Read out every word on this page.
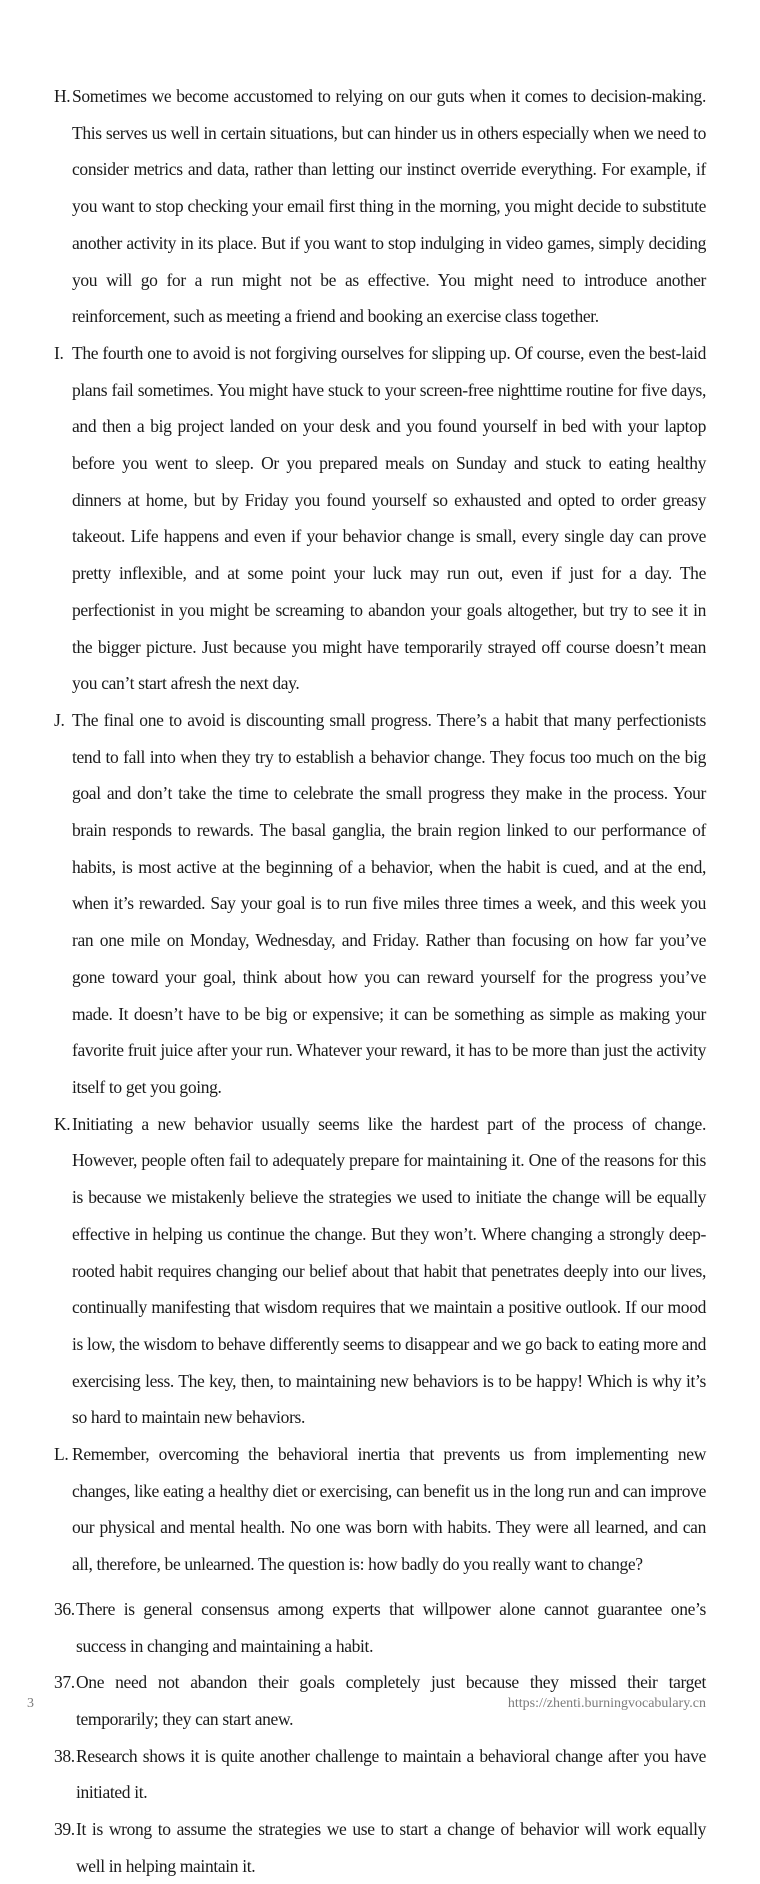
H. Sometimes we become accustomed to relying on our guts when it comes to decision-making. This serves us well in certain situations, but can hinder us in others especially when we need to consider metrics and data, rather than letting our instinct override everything. For example, if you want to stop checking your email first thing in the morning, you might decide to substitute another activity in its place. But if you want to stop indulging in video games, simply deciding you will go for a run might not be as effective. You might need to introduce another reinforcement, such as meeting a friend and booking an exercise class together.
I. The fourth one to avoid is not forgiving ourselves for slipping up. Of course, even the best-laid plans fail sometimes. You might have stuck to your screen-free nighttime routine for five days, and then a big project landed on your desk and you found yourself in bed with your laptop before you went to sleep. Or you prepared meals on Sunday and stuck to eating healthy dinners at home, but by Friday you found yourself so exhausted and opted to order greasy takeout. Life happens and even if your behavior change is small, every single day can prove pretty inflexible, and at some point your luck may run out, even if just for a day. The perfectionist in you might be screaming to abandon your goals altogether, but try to see it in the bigger picture. Just because you might have temporarily strayed off course doesn’t mean you can’t start afresh the next day.
J. The final one to avoid is discounting small progress. There’s a habit that many perfectionists tend to fall into when they try to establish a behavior change. They focus too much on the big goal and don’t take the time to celebrate the small progress they make in the process. Your brain responds to rewards. The basal ganglia, the brain region linked to our performance of habits, is most active at the beginning of a behavior, when the habit is cued, and at the end, when it’s rewarded. Say your goal is to run five miles three times a week, and this week you ran one mile on Monday, Wednesday, and Friday. Rather than focusing on how far you’ve gone toward your goal, think about how you can reward yourself for the progress you’ve made. It doesn’t have to be big or expensive; it can be something as simple as making your favorite fruit juice after your run. Whatever your reward, it has to be more than just the activity itself to get you going.
K. Initiating a new behavior usually seems like the hardest part of the process of change. However, people often fail to adequately prepare for maintaining it. One of the reasons for this is because we mistakenly believe the strategies we used to initiate the change will be equally effective in helping us continue the change. But they won’t. Where changing a strongly deep-rooted habit requires changing our belief about that habit that penetrates deeply into our lives, continually manifesting that wisdom requires that we maintain a positive outlook. If our mood is low, the wisdom to behave differently seems to disappear and we go back to eating more and exercising less. The key, then, to maintaining new behaviors is to be happy! Which is why it’s so hard to maintain new behaviors.
L. Remember, overcoming the behavioral inertia that prevents us from implementing new changes, like eating a healthy diet or exercising, can benefit us in the long run and can improve our physical and mental health. No one was born with habits. They were all learned, and can all, therefore, be unlearned. The question is: how badly do you really want to change?
36. There is general consensus among experts that willpower alone cannot guarantee one’s success in changing and maintaining a habit.
37. One need not abandon their goals completely just because they missed their target temporarily; they can start anew.
38. Research shows it is quite another challenge to maintain a behavioral change after you have initiated it.
39. It is wrong to assume the strategies we use to start a change of behavior will work equally well in helping maintain it.
3	https://zhenti.burningvocabulary.cn
